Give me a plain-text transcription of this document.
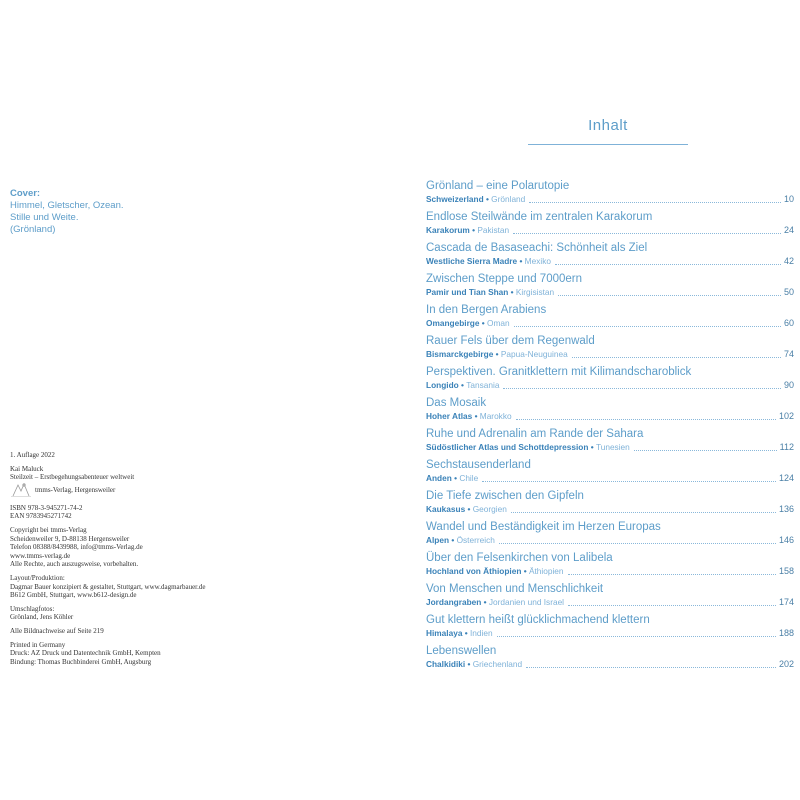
Cover:
Himmel, Gletscher, Ozean.
Stille und Weite.
(Grönland)
1. Auflage 2022
Kai Maluck
Steilzeit – Erstbegehungsabenteuer weltweit
tmms-Verlag, Hergensweiler
ISBN 978-3-945271-74-2
EAN 9783945271742
Copyright bei tmms-Verlag
Scheidenweiler 9, D-88138 Hergensweiler
Telefon 08388/8439988, info@tmms-Verlag.de
www.tmms-verlag.de
Alle Rechte, auch auszugsweise, vorbehalten.
Layout/Produktion:
Dagmar Bauer konzipiert & gestaltet, Stuttgart, www.dagmarbauer.de
B612 GmbH, Stuttgart, www.b612-design.de
Umschlagfotos:
Grönland, Jens Köhler
Alle Bildnachweise auf Seite 219
Printed in Germany
Druck: AZ Druck und Datentechnik GmbH, Kempten
Bindung: Thomas Buchbinderei GmbH, Augsburg
Inhalt
Grönland – eine Polarutopie
Schweizerland • Grönland	10
Endlose Steilwände im zentralen Karakorum
Karakorum • Pakistan	24
Cascada de Basaseachi: Schönheit als Ziel
Westliche Sierra Madre • Mexiko	42
Zwischen Steppe und 7000ern
Pamir und Tian Shan • Kirgisistan	50
In den Bergen Arabiens
Omangebirge • Oman	60
Rauer Fels über dem Regenwald
Bismarckgebirge • Papua-Neuguinea	74
Perspektiven. Granitklettern mit Kilimandscharoblick
Longido • Tansania	90
Das Mosaik
Hoher Atlas • Marokko	102
Ruhe und Adrenalin am Rande der Sahara
Südöstlicher Atlas und Schottdepression • Tunesien	112
Sechstausenderland
Anden • Chile	124
Die Tiefe zwischen den Gipfeln
Kaukasus • Georgien	136
Wandel und Beständigkeit im Herzen Europas
Alpen • Österreich	146
Über den Felsenkirchen von Lalibela
Hochland von Äthiopien • Äthiopien	158
Von Menschen und Menschlichkeit
Jordangraben • Jordanien und Israel	174
Gut klettern heißt glücklichmachend klettern
Himalaya • Indien	188
Lebenswellen
Chalkidiki • Griechenland	202
